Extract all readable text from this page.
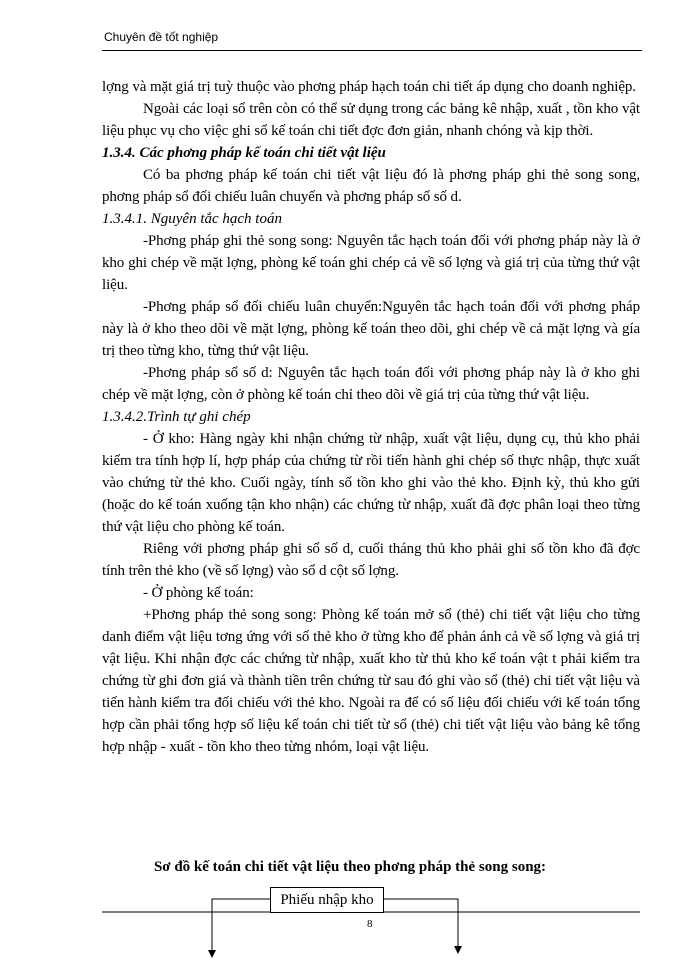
Chuyên đề tốt nghiệp

lợng và mặt giá trị tuỳ thuộc vào phơng pháp hạch toán chi tiết áp dụng cho doanh nghiệp.

Ngoài các loại sổ trên còn có thể sử dụng trong các bảng kê nhập, xuất , tồn kho vật liệu phục vụ cho việc ghi sổ kế toán chi tiết đợc đơn giản, nhanh chóng và kịp thời.

1.3.4. Các phơng pháp kế toán chi tiết vật liệu

Có ba phơng pháp kế toán chi tiết vật liệu đó là phơng pháp ghi thẻ song song, phơng pháp sổ đối chiếu luân chuyển và phơng pháp sổ số d.

1.3.4.1. Nguyên tắc hạch toán

-Phơng pháp ghi thẻ song song: Nguyên tắc hạch toán đối với phơng pháp này là ở kho ghi chép về mặt lợng, phòng kế toán ghi chép cả về số lợng và giá trị của từng thứ vật liệu.

-Phơng pháp sổ đối chiếu luân chuyển:Nguyên tắc hạch toán đối với phơng pháp này là ở kho theo dõi về mặt lợng, phòng kế toán theo dõi, ghi chép về cả mặt lợng và gía trị theo từng kho, từng thứ vật liệu.

-Phơng pháp sổ số d: Nguyên tắc hạch toán đối với phơng pháp này là ở kho ghi chép về mặt lợng, còn ở phòng kế toán chỉ theo dõi về giá trị của từng thứ vật liệu.

1.3.4.2.Trình tự ghi chép

- Ở kho: Hàng ngày khi nhận chứng từ nhập, xuất vật liệu, dụng cụ, thủ kho phải kiểm tra tính hợp lí, hợp pháp của chứng từ rồi tiến hành ghi chép số thực nhập, thực xuất vào chứng từ thẻ kho. Cuối ngày, tính số tồn kho ghi vào thẻ kho. Định kỳ, thủ kho gửi (hoặc do kế toán xuống tận kho nhận) các chứng từ nhập, xuất đã đợc phân loại theo từng thứ vật liệu cho phòng kế toán.

Riêng với phơng pháp ghi sổ số d, cuối tháng thủ kho phải ghi số tồn kho đã đợc tính trên thẻ kho (về số lợng) vào sổ d cột số lợng.

- Ở phòng kế toán:

+Phơng pháp thẻ song song: Phòng kế toán mở sổ (thẻ) chi tiết vật liệu cho từng danh điểm vật liệu tơng ứng với số thẻ kho ở từng kho để phản ánh cả về số lợng và giá trị vật liệu. Khi nhận đợc các chứng từ nhập, xuất kho từ thủ kho kế toán vật t phải kiểm tra chứng từ ghi đơn giá và thành tiền trên chứng từ sau đó ghi vào sổ (thẻ) chi tiết vật liệu và tiến hành kiểm tra đối chiếu với thẻ kho. Ngoài ra để có số liệu đối chiếu với kế toán tổng hợp cần phải tổng hợp số liệu kế toán chi tiết từ sổ (thẻ) chi tiết vật liệu vào bảng kê tổng hợp nhập - xuất - tồn kho theo từng nhóm, loại vật liệu.

Sơ đồ kế toán chi tiết vật liệu theo phơng pháp thẻ song song:
Phiếu nhập kho
8
